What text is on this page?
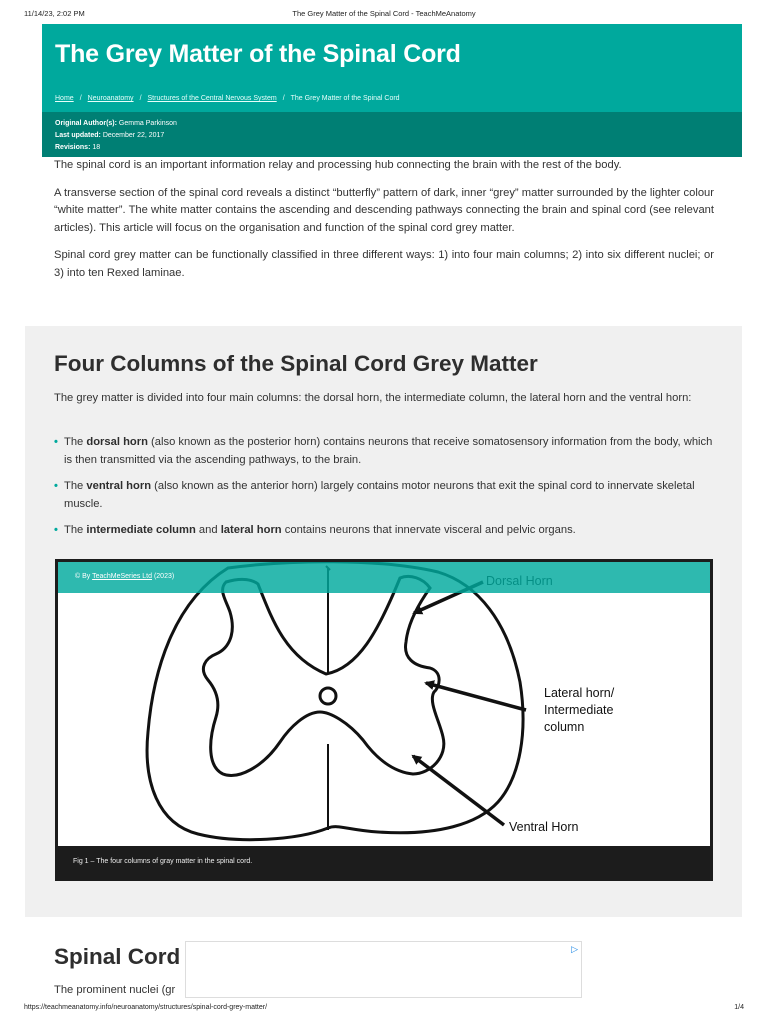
11/14/23, 2:02 PM	The Grey Matter of the Spinal Cord - TeachMeAnatomy
The Grey Matter of the Spinal Cord
Home / Neuroanatomy / Structures of the Central Nervous System / The Grey Matter of the Spinal Cord
Original Author(s): Gemma Parkinson
Last updated: December 22, 2017
Revisions: 18

The spinal cord is an important information relay and processing hub connecting the brain with the rest of the body.

A transverse section of the spinal cord reveals a distinct “butterfly” pattern of dark, inner “grey” matter surrounded by the lighter colour “white matter”. The white matter contains the ascending and descending pathways connecting the brain and spinal cord (see relevant articles). This article will focus on the organisation and function of the spinal cord grey matter.

Spinal cord grey matter can be functionally classified in three different ways: 1) into four main columns; 2) into six different nuclei; or 3) into ten Rexed laminae.

Four Columns of the Spinal Cord Grey Matter

The grey matter is divided into four main columns: the dorsal horn, the intermediate column, the lateral horn and the ventral horn:

• The dorsal horn (also known as the posterior horn) contains neurons that receive somatosensory information from the body, which is then transmitted via the ascending pathways, to the brain.
• The ventral horn (also known as the anterior horn) largely contains motor neurons that exit the spinal cord to innervate skeletal muscle.
• The intermediate column and lateral horn contains neurons that innervate visceral and pelvic organs.
Lateral horn/
Intermediate
column
Ventral Horn
© By TeachMeSeries Ltd (2023)
Fig 1 – The four columns of gray matter in the spinal cord.
Spinal Cord
The prominent nuclei (gr
▷
https://teachmeanatomy.info/neuroanatomy/structures/spinal-cord-grey-matter/	1/4
